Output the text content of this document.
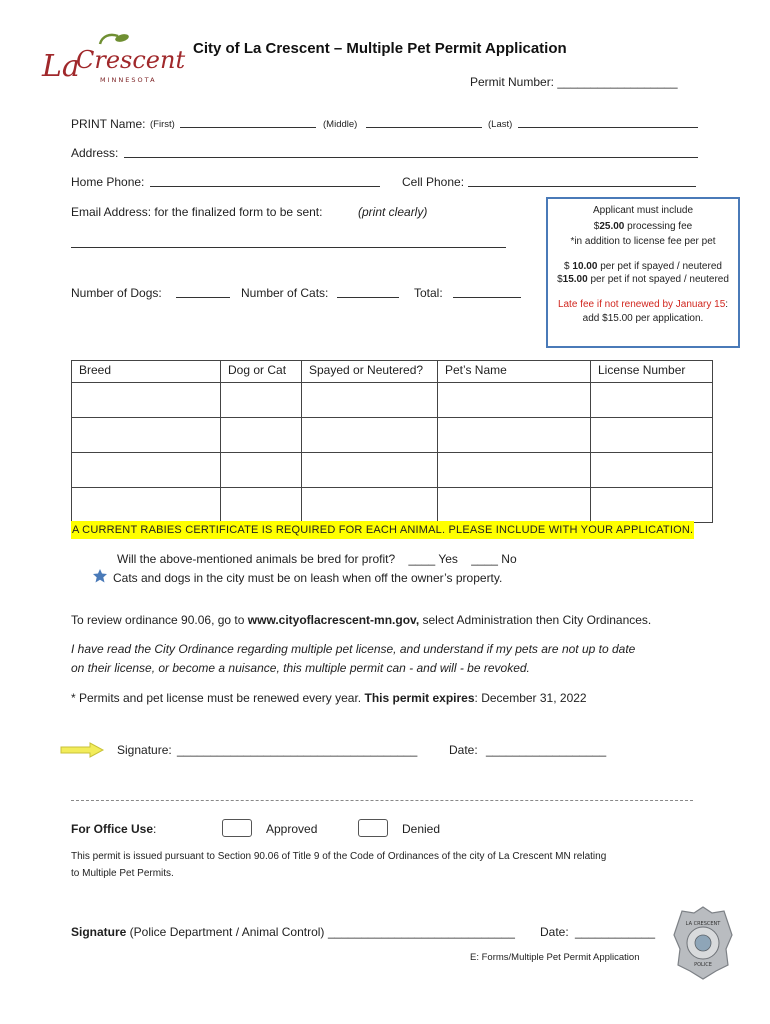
La
Crescent
MINNESOTA
City of La Crescent – Multiple Pet Permit Application
Permit Number: __________________
PRINT Name: (First)	(Middle)	(Last)
Address:
Home Phone:	Cell Phone:
Email Address: for the finalized form to be sent:	(print clearly)
Number of Dogs:	Number of Cats:	Total:
Applicant must include
$25.00 processing fee
*in addition to license fee per pet
$ 10.00 per pet if spayed / neutered
$15.00 per pet if not spayed / neutered
Late fee if not renewed by January 15:
add $15.00 per application.
Breed	Dog or Cat	Spayed or Neutered?	Pet’s Name	License Number

A CURRENT RABIES CERTIFICATE IS REQUIRED FOR EACH ANIMAL. PLEASE INCLUDE WITH YOUR APPLICATION.
Will the above-mentioned animals be bred for profit? ____ Yes ____ No
Cats and dogs in the city must be on leash when off the owner’s property.
To review ordinance 90.06, go to www.cityoflacrescent-mn.gov, select Administration then City Ordinances.
I have read the City Ordinance regarding multiple pet license, and understand if my pets are not up to date
on their license, or become a nuisance, this multiple permit can - and will - be revoked.
* Permits and pet license must be renewed every year. This permit expires: December 31, 2022
Signature: ____________________________________	Date: __________________
For Office Use:	Approved	Denied
This permit is issued pursuant to Section 90.06 of Title 9 of the Code of Ordinances of the city of La Crescent MN relating
to Multiple Pet Permits.
Signature (Police Department / Animal Control) ____________________________ Date: ____________
E: Forms/Multiple Pet Permit Application
LA CRESCENT
POLICE
